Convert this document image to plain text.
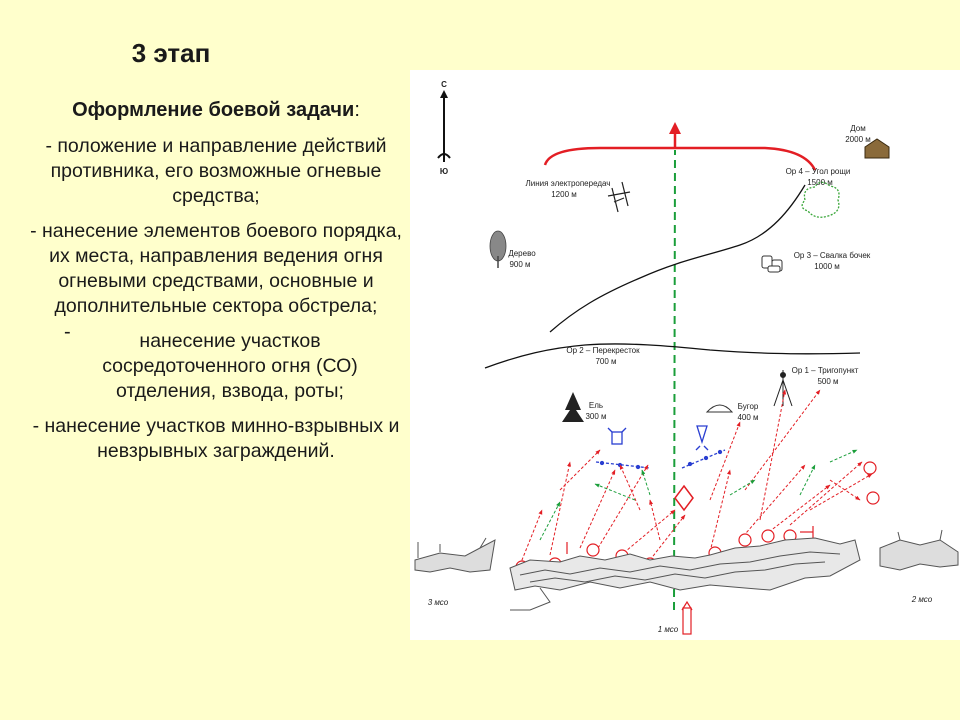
3 этап
Оформление боевой задачи:
- положение и направление действий противника, его возможные огневые средства;
- нанесение элементов боевого порядка, их места, направления ведения огня огневыми средствами, основные и дополнительные сектора обстрела;
-	нанесение участков сосредоточенного огня (СО) отделения, взвода, роты;
- нанесение участков минно-взрывных и невзрывных заграждений.
С
Ю
Дом
2000 м
Ор 4 – Угол рощи
1500 м
Ор 3 – Свалка бочек
1000 м
Ор 1 – Тригопункт
500 м
Ор 2 – Перекресток
700 м
Линия электропередач
1200 м
Дерево
900 м
Ель
300 м
Бугор
400 м
3 мсо	2 мсо
1 мсо
